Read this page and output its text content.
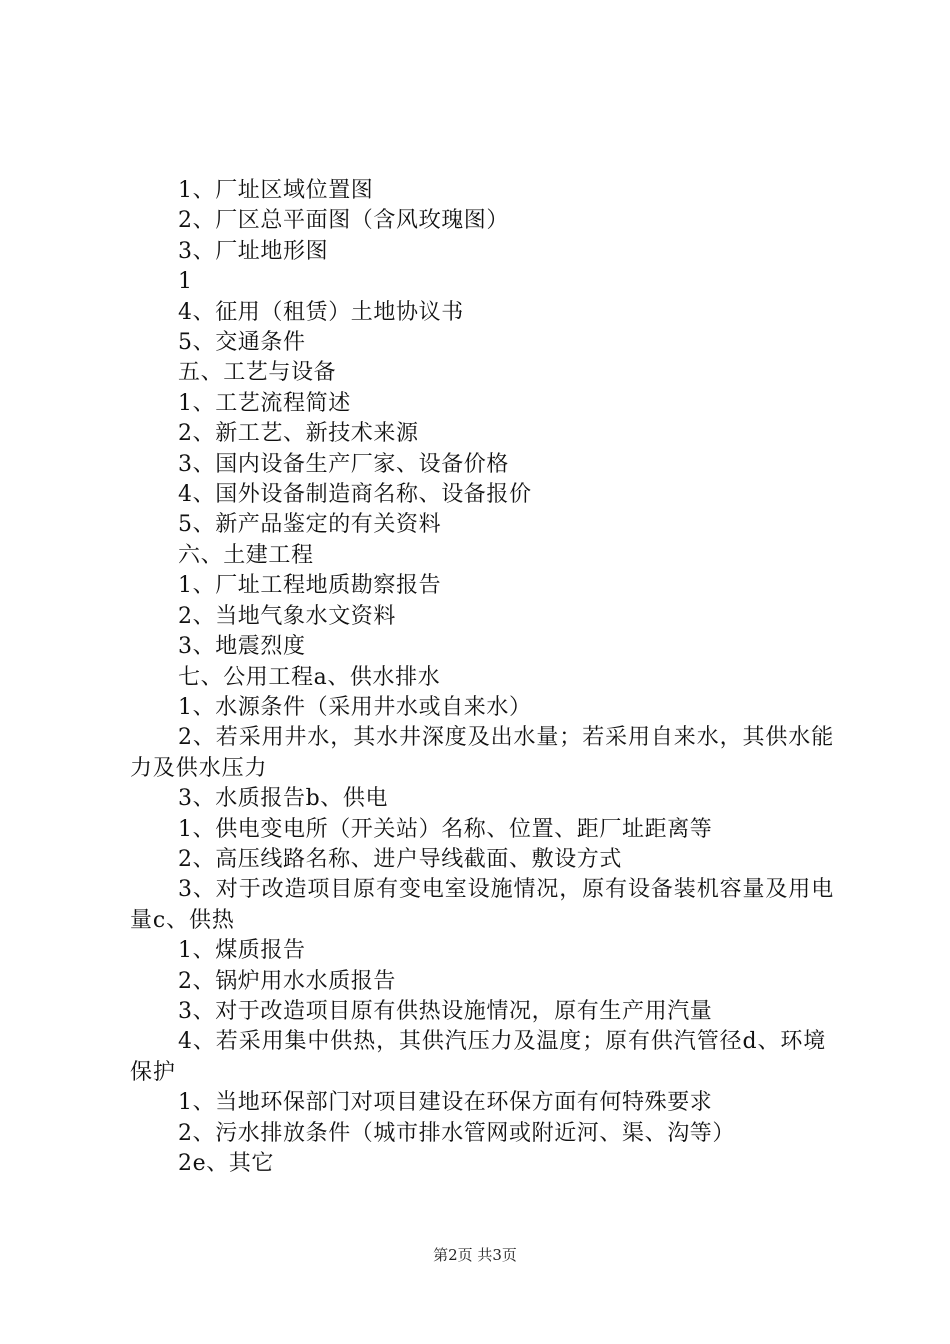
1、厂址区域位置图
2、厂区总平面图（含风玫瑰图）
3、厂址地形图
1
4、征用（租赁）土地协议书
5、交通条件
五、工艺与设备
1、工艺流程简述
2、新工艺、新技术来源
3、国内设备生产厂家、设备价格
4、国外设备制造商名称、设备报价
5、新产品鉴定的有关资料
六、土建工程
1、厂址工程地质勘察报告
2、当地气象水文资料
3、地震烈度
七、公用工程a、供水排水
1、水源条件（采用井水或自来水）
2、若采用井水，其水井深度及出水量；若采用自来水，其供水能力及供水压力
3、水质报告b、供电
1、供电变电所（开关站）名称、位置、距厂址距离等
2、高压线路名称、进户导线截面、敷设方式
3、对于改造项目原有变电室设施情况，原有设备装机容量及用电量c、供热
1、煤质报告
2、锅炉用水水质报告
3、对于改造项目原有供热设施情况，原有生产用汽量
4、若采用集中供热，其供汽压力及温度；原有供汽管径d、环境保护
1、当地环保部门对项目建设在环保方面有何特殊要求
2、污水排放条件（城市排水管网或附近河、渠、沟等）
2e、其它
第2页 共3页
